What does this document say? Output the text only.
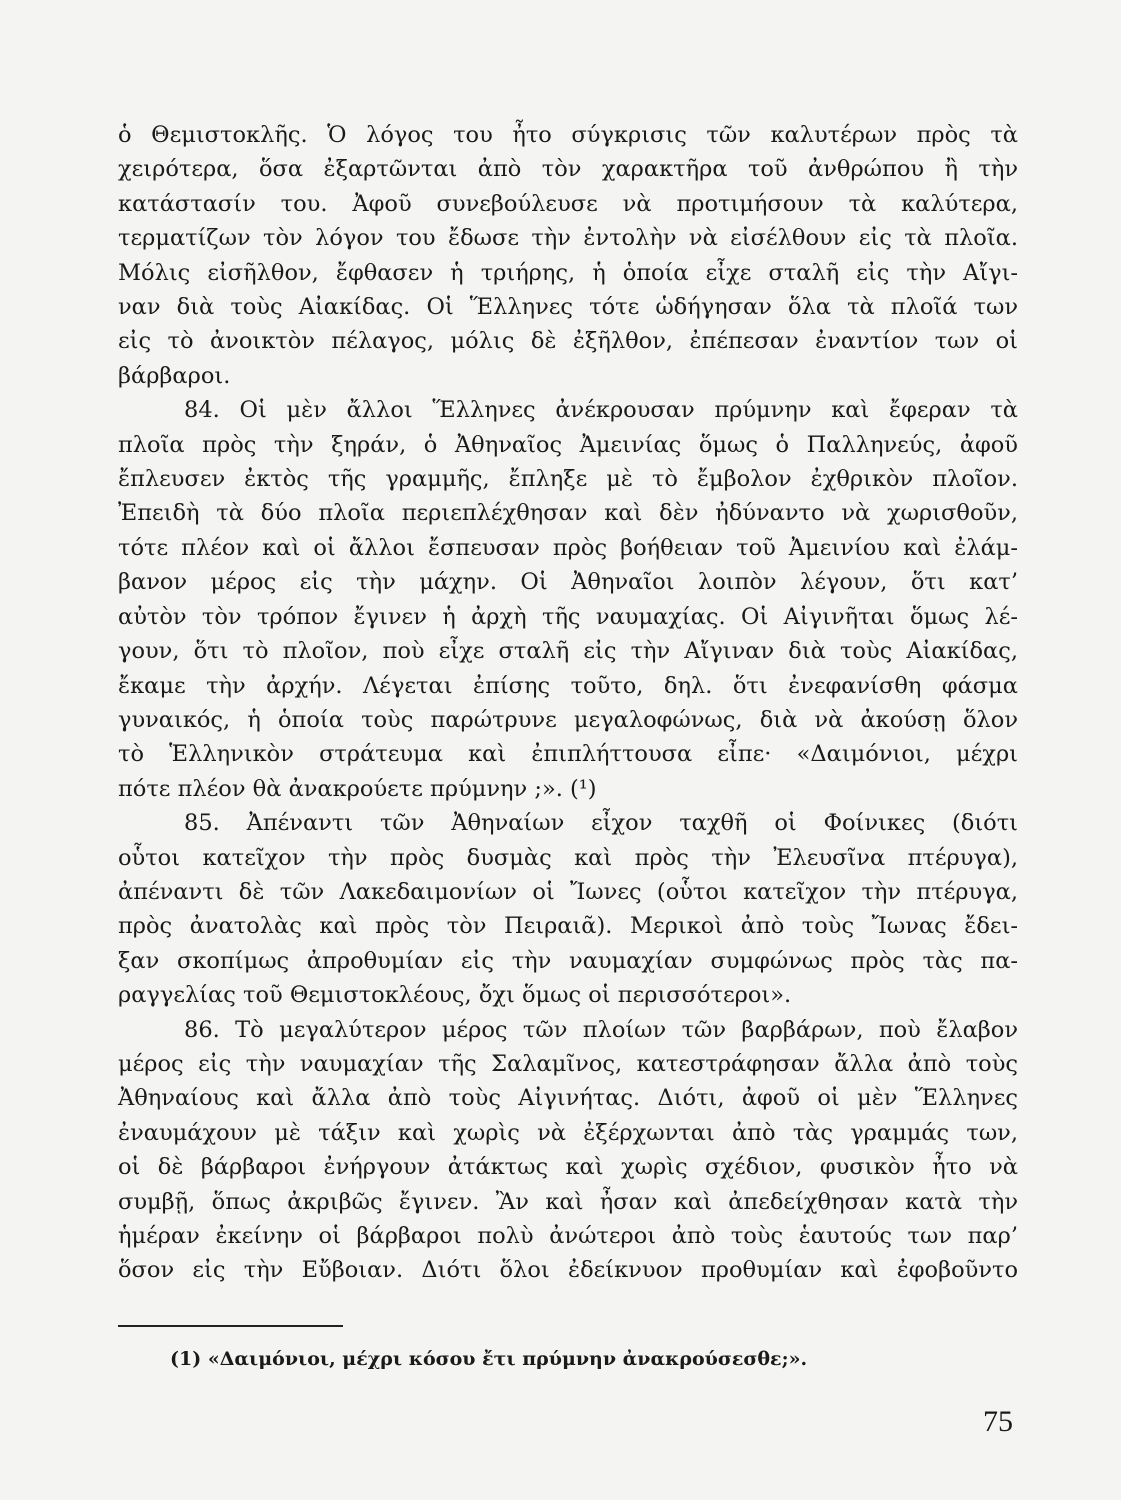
ὁ Θεμιστοκλῆς. Ὁ λόγος του ἦτο σύγκρισις τῶν καλυτέρων πρὸς τὰ
χειρότερα, ὅσα ἐξαρτῶνται ἀπὸ τὸν χαρακτῆρα τοῦ ἀνθρώπου ἢ τὴν
κατάστασίν του. Ἀφοῦ συνεβούλευσε νὰ προτιμήσουν τὰ καλύτερα,
τερματίζων τὸν λόγον του ἔδωσε τὴν ἐντολὴν νὰ εἰσέλθουν εἰς τὰ πλοῖα.
Μόλις εἰσῆλθον, ἔφθασεν ἡ τριήρης, ἡ ὁποία εἶχε σταλῆ εἰς τὴν Αἴγι-
ναν διὰ τοὺς Αἰακίδας. Οἱ Ἕλληνες τότε ὡδήγησαν ὅλα τὰ πλοῖά των
εἰς τὸ ἀνοικτὸν πέλαγος, μόλις δὲ ἐξῆλθον, ἐπέπεσαν ἐναντίον των οἱ
βάρβαροι.
84. Οἱ μὲν ἄλλοι Ἕλληνες ἀνέκρουσαν πρύμνην καὶ ἔφεραν τὰ
πλοῖα πρὸς τὴν ξηράν, ὁ Ἀθηναῖος Ἀμεινίας ὅμως ὁ Παλληνεύς, ἀφοῦ
ἔπλευσεν ἐκτὸς τῆς γραμμῆς, ἔπληξε μὲ τὸ ἔμβολον ἐχθρικὸν πλοῖον.
Ἐπειδὴ τὰ δύο πλοῖα περιεπλέχθησαν καὶ δὲν ἠδύναντο νὰ χωρισθοῦν,
τότε πλέον καὶ οἱ ἄλλοι ἔσπευσαν πρὸς βοήθειαν τοῦ Ἀμεινίου καὶ ἐλάμ-
βανον μέρος εἰς τὴν μάχην. Οἱ Ἀθηναῖοι λοιπὸν λέγουν, ὅτι κατ’
αὐτὸν τὸν τρόπον ἔγινεν ἡ ἀρχὴ τῆς ναυμαχίας. Οἱ Αἰγινῆται ὅμως λέ-
γουν, ὅτι τὸ πλοῖον, ποὺ εἶχε σταλῆ εἰς τὴν Αἴγιναν διὰ τοὺς Αἰακίδας,
ἔκαμε τὴν ἀρχήν. Λέγεται ἐπίσης τοῦτο, δηλ. ὅτι ἐνεφανίσθη φάσμα
γυναικός, ἡ ὁποία τοὺς παρώτρυνε μεγαλοφώνως, διὰ νὰ ἀκούσῃ ὅλον
τὸ Ἑλληνικὸν στράτευμα καὶ ἐπιπλήττουσα εἶπε· «Δαιμόνιοι, μέχρι
πότε πλέον θὰ ἀνακρούετε πρύμνην ;». (¹)
85. Ἀπέναντι τῶν Ἀθηναίων εἶχον ταχθῆ οἱ Φοίνικες (διότι
οὗτοι κατεῖχον τὴν πρὸς δυσμὰς καὶ πρὸς τὴν Ἐλευσῖνα πτέρυγα),
ἀπέναντι δὲ τῶν Λακεδαιμονίων οἱ Ἴωνες (οὗτοι κατεῖχον τὴν πτέρυγα,
πρὸς ἀνατολὰς καὶ πρὸς τὸν Πειραιᾶ). Μερικοὶ ἀπὸ τοὺς Ἴωνας ἔδει-
ξαν σκοπίμως ἀπροθυμίαν εἰς τὴν ναυμαχίαν συμφώνως πρὸς τὰς πα-
ραγγελίας τοῦ Θεμιστοκλέους, ὄχι ὅμως οἱ περισσότεροι».
86. Τὸ μεγαλύτερον μέρος τῶν πλοίων τῶν βαρβάρων, ποὺ ἔλαβον
μέρος εἰς τὴν ναυμαχίαν τῆς Σαλαμῖνος, κατεστράφησαν ἄλλα ἀπὸ τοὺς
Ἀθηναίους καὶ ἄλλα ἀπὸ τοὺς Αἰγινήτας. Διότι, ἀφοῦ οἱ μὲν Ἕλληνες
ἐναυμάχουν μὲ τάξιν καὶ χωρὶς νὰ ἐξέρχωνται ἀπὸ τὰς γραμμάς των,
οἱ δὲ βάρβαροι ἐνήργουν ἀτάκτως καὶ χωρὶς σχέδιον, φυσικὸν ἦτο νὰ
συμβῇ, ὅπως ἀκριβῶς ἔγινεν. Ἂν καὶ ἦσαν καὶ ἀπεδείχθησαν κατὰ τὴν
ἡμέραν ἐκείνην οἱ βάρβαροι πολὺ ἀνώτεροι ἀπὸ τοὺς ἑαυτούς των παρ’
ὅσον εἰς τὴν Εὔβοιαν. Διότι ὅλοι ἐδείκνυον προθυμίαν καὶ ἐφοβοῦντο
(1) «Δαιμόνιοι, μέχρι κόσου ἔτι πρύμνην ἀνακρούσεσθε;».
75
